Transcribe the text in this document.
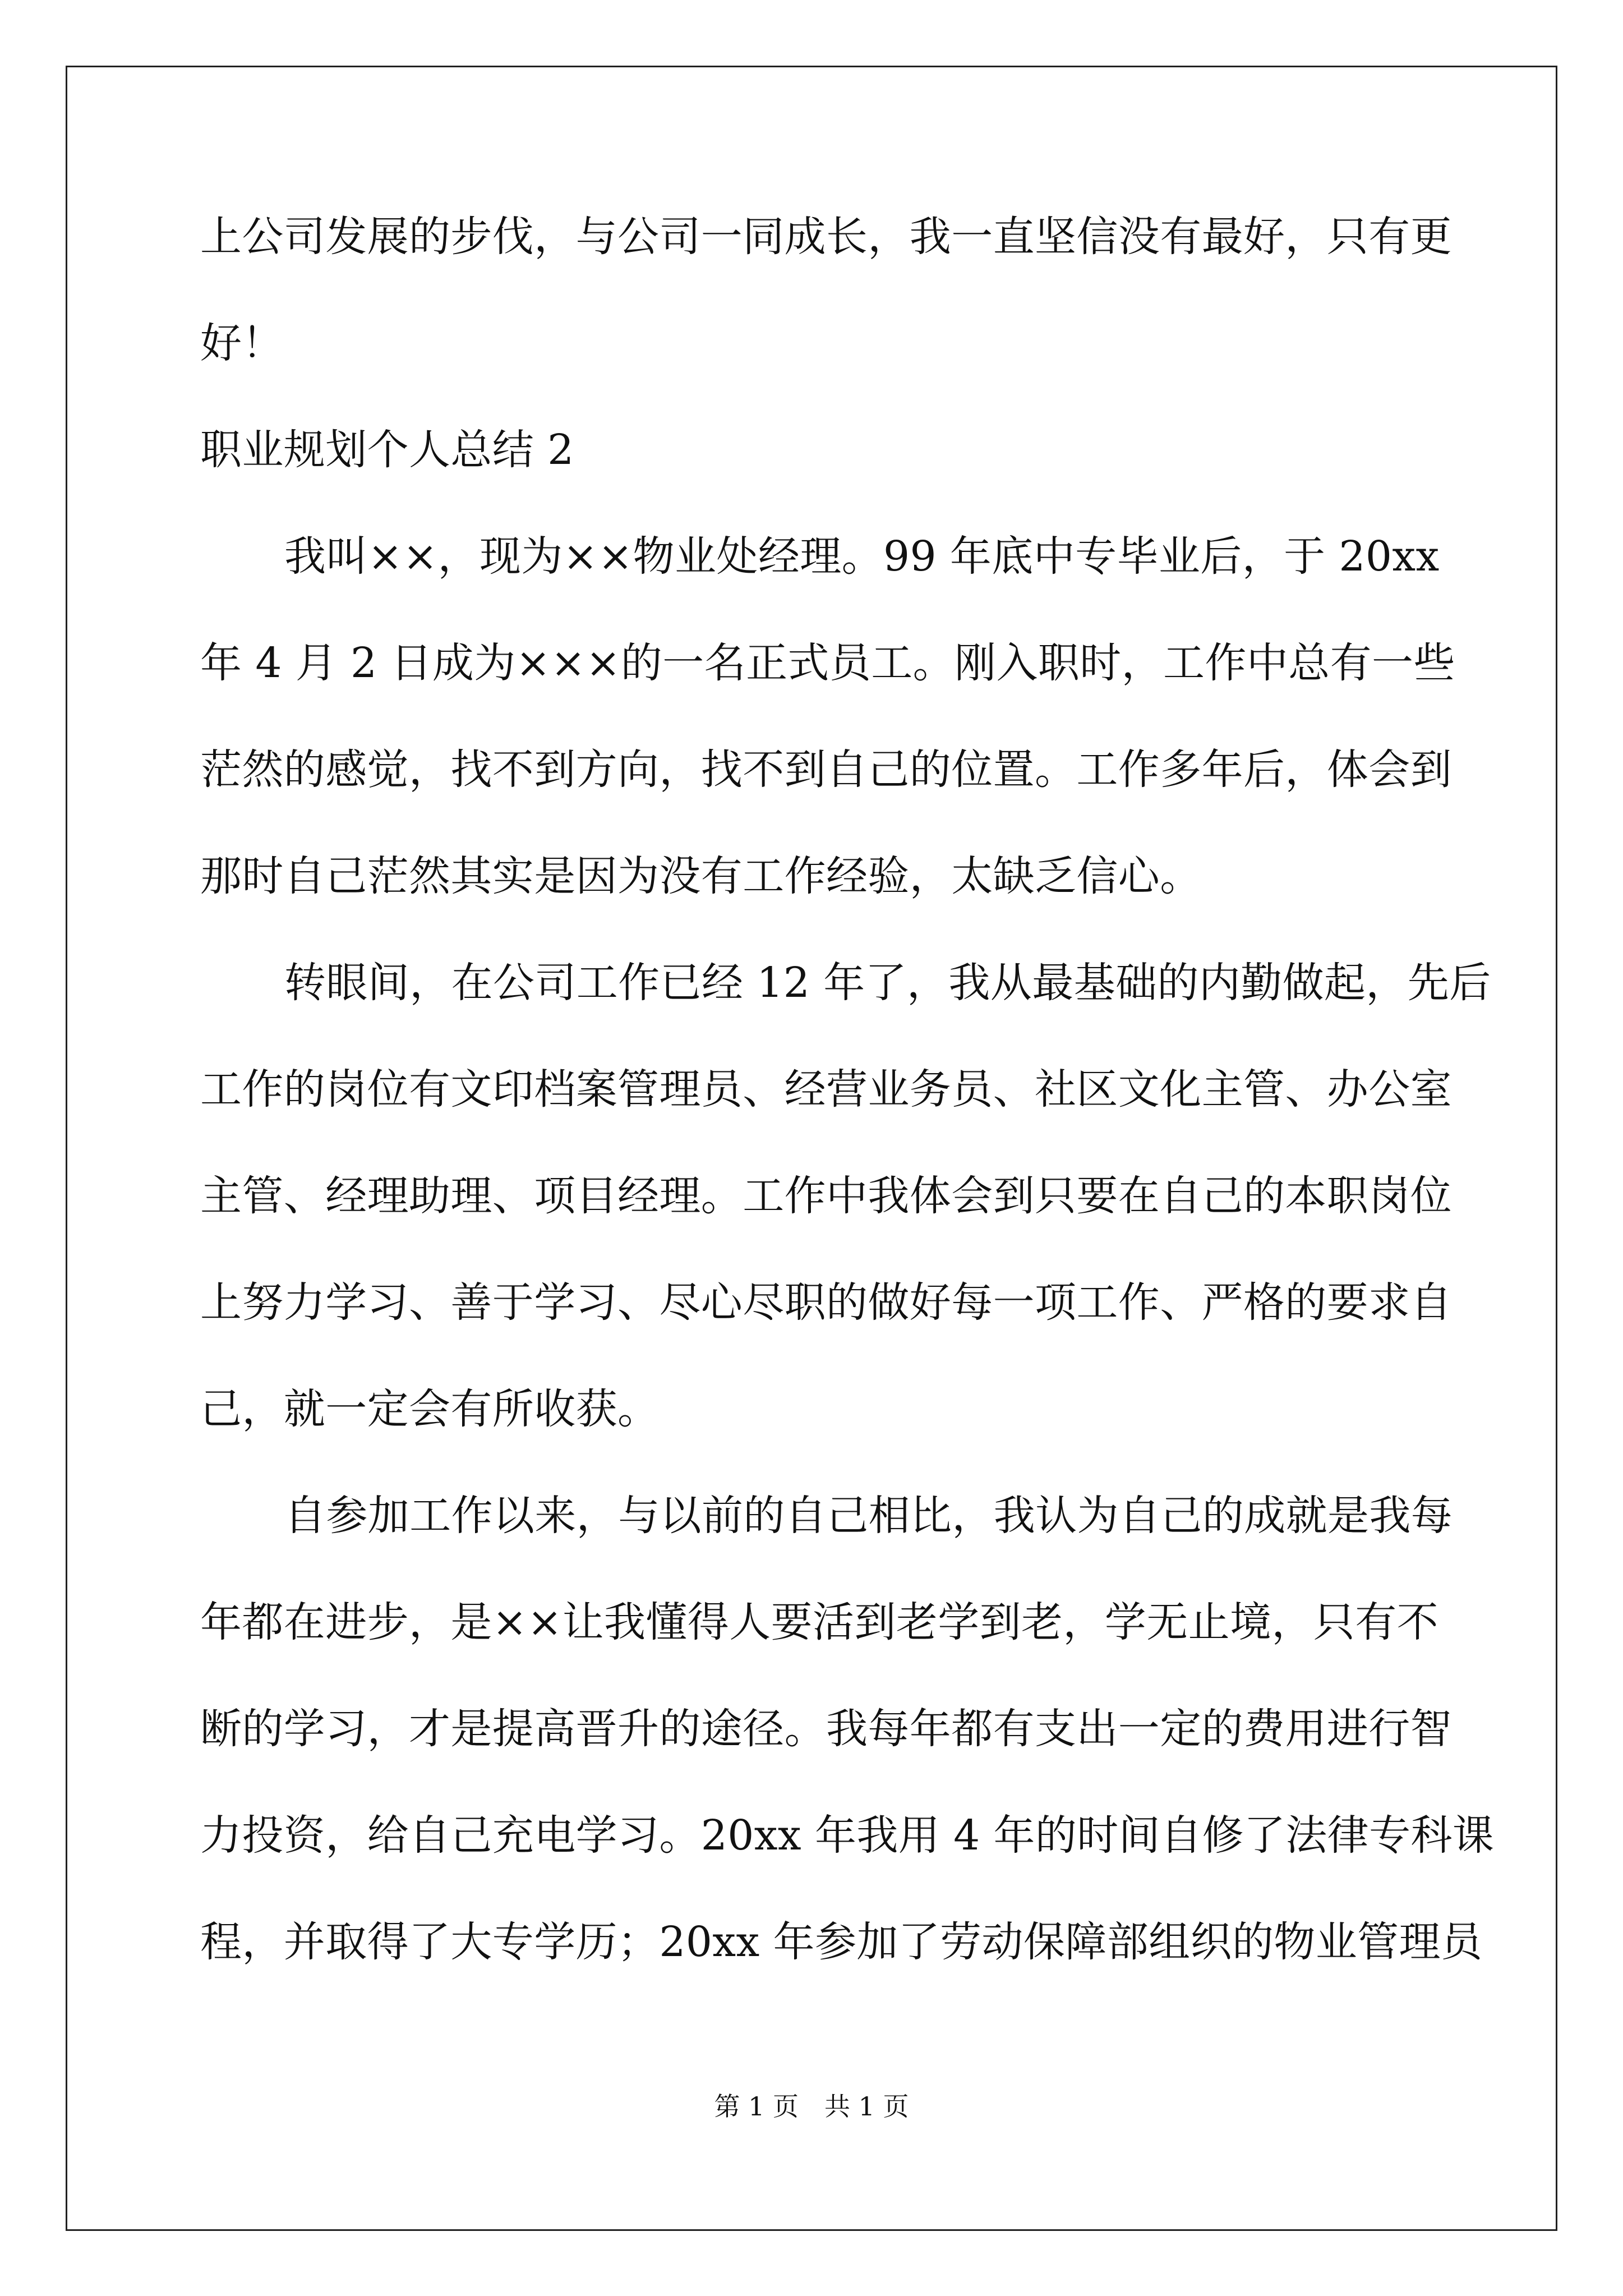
上公司发展的步伐，与公司一同成长，我一直坚信没有最好，只有更
好！
职业规划个人总结 2
我叫××，现为××物业处经理。99 年底中专毕业后，于 20xx
年 4 月 2 日成为×××的一名正式员工。刚入职时，工作中总有一些
茫然的感觉，找不到方向，找不到自己的位置。工作多年后，体会到
那时自己茫然其实是因为没有工作经验，太缺乏信心。
转眼间，在公司工作已经 12 年了，我从最基础的内勤做起，先后
工作的岗位有文印档案管理员、经营业务员、社区文化主管、办公室
主管、经理助理、项目经理。工作中我体会到只要在自己的本职岗位
上努力学习、善于学习、尽心尽职的做好每一项工作、严格的要求自
己，就一定会有所收获。
自参加工作以来，与以前的自己相比，我认为自己的成就是我每
年都在进步，是××让我懂得人要活到老学到老，学无止境，只有不
断的学习，才是提高晋升的途径。我每年都有支出一定的费用进行智
力投资，给自己充电学习。20xx 年我用 4 年的时间自修了法律专科课
程，并取得了大专学历；20xx 年参加了劳动保障部组织的物业管理员
第 1 页　共 1 页
